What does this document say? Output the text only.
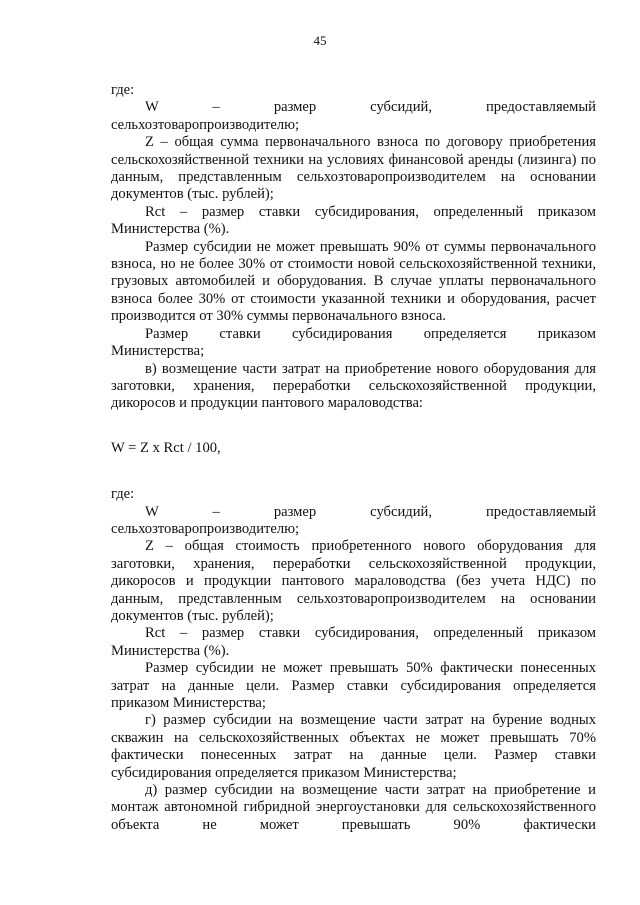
45

где:

W – размер субсидий, предоставляемый

сельхозтоваропроизводителю;

Z – общая сумма первоначального взноса по договору приобретения сельскохозяйственной техники на условиях финансовой аренды (лизинга) по данным, представленным сельхозтоваропроизводителем на основании документов (тыс. рублей);

Rct – размер ставки субсидирования, определенный приказом Министерства (%).

Размер субсидии не может превышать 90% от суммы первоначального взноса, но не более 30% от стоимости новой сельскохозяйственной техники, грузовых автомобилей и оборудования. В случае уплаты первоначального взноса более 30% от стоимости указанной техники и оборудования, расчет производится от 30% суммы первоначального взноса.

Размер ставки субсидирования определяется приказом

Министерства;

в) возмещение части затрат на приобретение нового оборудования для заготовки, хранения, переработки сельскохозяйственной продукции, дикоросов и продукции пантового мараловодства:

W = Z x Rct / 100,

где:

W – размер субсидий, предоставляемый

сельхозтоваропроизводителю;

Z – общая стоимость приобретенного нового оборудования для заготовки, хранения, переработки сельскохозяйственной продукции, дикоросов и продукции пантового мараловодства (без учета НДС) по данным, представленным сельхозтоваропроизводителем на основании документов (тыс. рублей);

Rct – размер ставки субсидирования, определенный приказом Министерства (%).

Размер субсидии не может превышать 50% фактически понесенных затрат на данные цели. Размер ставки субсидирования определяется приказом Министерства;

г) размер субсидии на возмещение части затрат на бурение водных скважин на сельскохозяйственных объектах не может превышать 70% фактически понесенных затрат на данные цели. Размер ставки субсидирования определяется приказом Министерства;

д) размер субсидии на возмещение части затрат на приобретение и монтаж автономной гибридной энергоустановки для сельскохозяйственного объекта не может превышать 90% фактически
